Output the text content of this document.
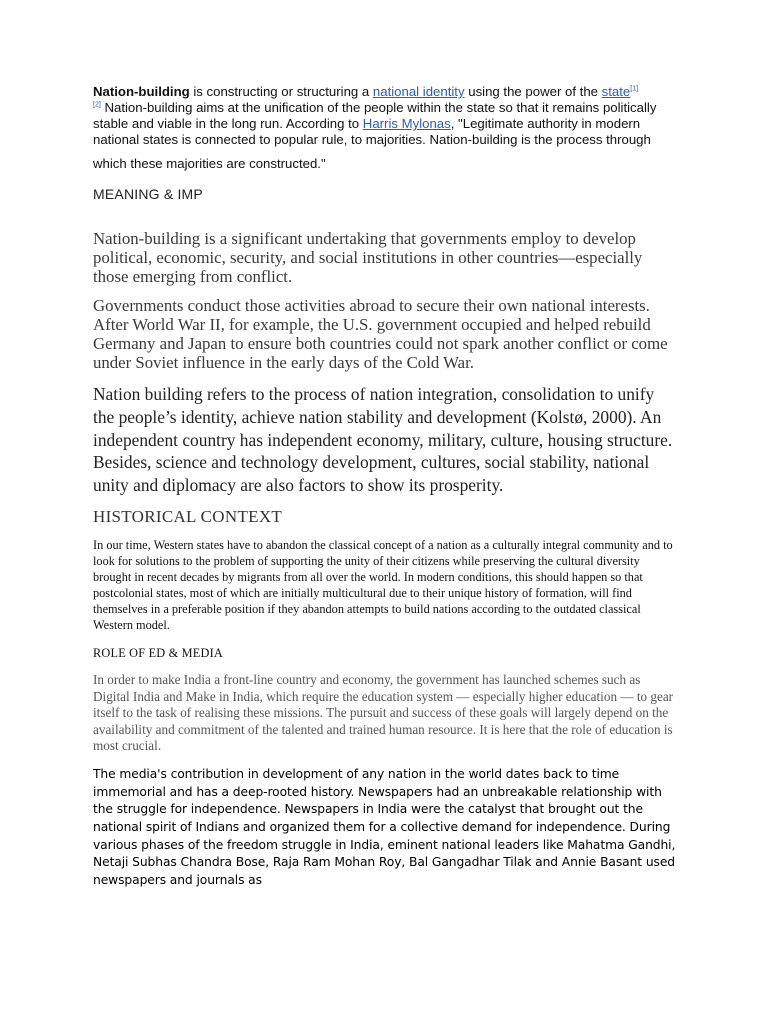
Nation-building is constructing or structuring a national identity using the power of the state[1]
[2] Nation-building aims at the unification of the people within the state so that it remains politically stable and viable in the long run. According to Harris Mylonas, "Legitimate authority in modern national states is connected to popular rule, to majorities. Nation-building is the process through

which these majorities are constructed."

MEANING & IMP

Nation-building is a significant undertaking that governments employ to develop political, economic, security, and social institutions in other countries—especially those emerging from conflict.

Governments conduct those activities abroad to secure their own national interests. After World War II, for example, the U.S. government occupied and helped rebuild Germany and Japan to ensure both countries could not spark another conflict or come under Soviet influence in the early days of the Cold War.

Nation building refers to the process of nation integration, consolidation to unify the people’s identity, achieve nation stability and development (Kolstø, 2000). An independent country has independent economy, military, culture, housing structure. Besides, science and technology development, cultures, social stability, national unity and diplomacy are also factors to show its prosperity.

HISTORICAL CONTEXT

In our time, Western states have to abandon the classical concept of a nation as a culturally integral community and to look for solutions to the problem of supporting the unity of their citizens while preserving the cultural diversity brought in recent decades by migrants from all over the world. In modern conditions, this should happen so that postcolonial states, most of which are initially multicultural due to their unique history of formation, will find themselves in a preferable position if they abandon attempts to build nations according to the outdated classical Western model.

ROLE OF ED & MEDIA

In order to make India a front-line country and economy, the government has launched schemes such as Digital India and Make in India, which require the education system — especially higher education — to gear itself to the task of realising these missions. The pursuit and success of these goals will largely depend on the availability and commitment of the talented and trained human resource. It is here that the role of education is most crucial.

The media's contribution in development of any nation in the world dates back to time immemorial and has a deep-rooted history. Newspapers had an unbreakable relationship with the struggle for independence. Newspapers in India were the catalyst that brought out the national spirit of Indians and organized them for a collective demand for independence. During various phases of the freedom struggle in India, eminent national leaders like Mahatma Gandhi, Netaji Subhas Chandra Bose, Raja Ram Mohan Roy, Bal Gangadhar Tilak and Annie Basant used newspapers and journals as
